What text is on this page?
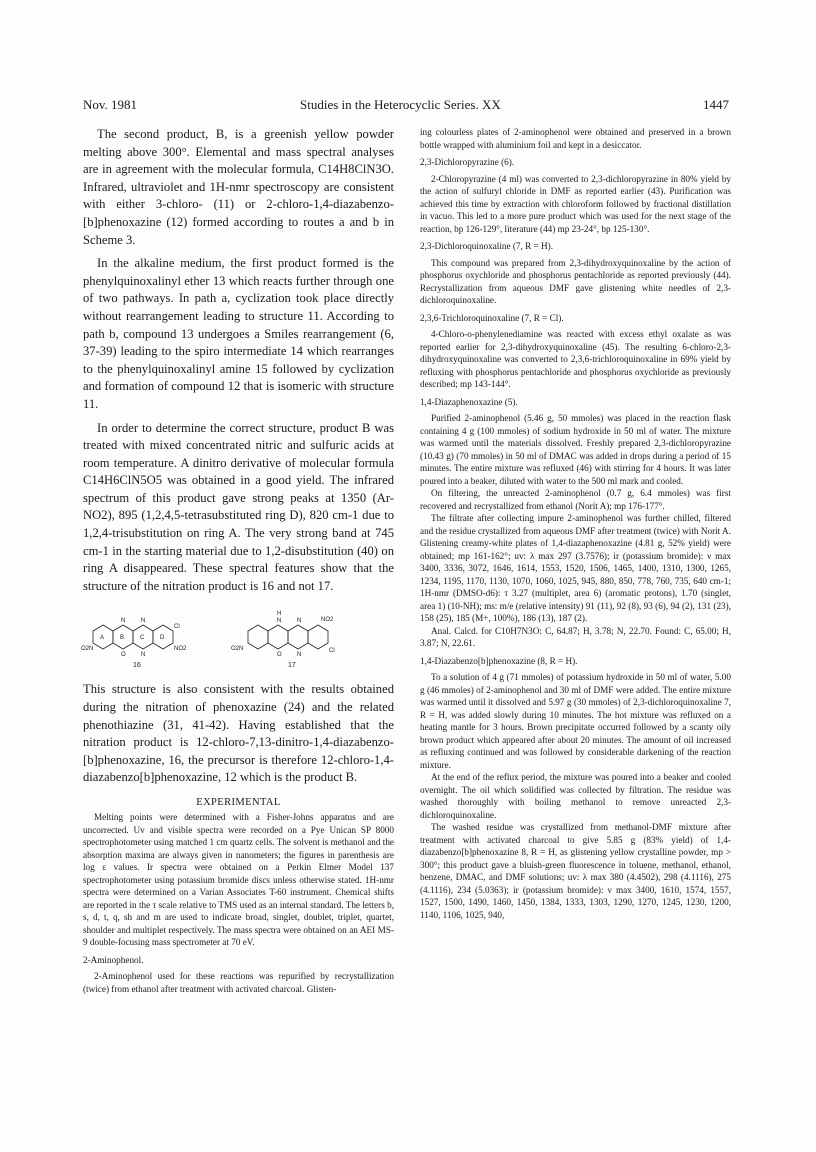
Nov. 1981	Studies in the Heterocyclic Series. XX	1447

The second product, B, is a greenish yellow powder melting above 300°. Elemental and mass spectral analyses are in agreement with the molecular formula, C14H8ClN3O. Infrared, ultraviolet and 1H-nmr spectroscopy are consistent with either 3-chloro- (11) or 2-chloro-1,4-diazabenzo-[b]phenoxazine (12) formed according to routes a and b in Scheme 3.

In the alkaline medium, the first product formed is the phenylquinoxalinyl ether 13 which reacts further through one of two pathways. In path a, cyclization took place directly without rearrangement leading to structure 11. According to path b, compound 13 undergoes a Smiles rearrangement (6, 37-39) leading to the spiro intermediate 14 which rearranges to the phenylquinoxalinyl amine 15 followed by cyclization and formation of compound 12 that is isomeric with structure 11.

In order to determine the correct structure, product B was treated with mixed concentrated nitric and sulfuric acids at room temperature. A dinitro derivative of molecular formula C14H6ClN5O5 was obtained in a good yield. The infrared spectrum of this product gave strong peaks at 1350 (Ar-NO2), 895 (1,2,4,5-tetrasubstituted ring D), 820 cm-1 due to 1,2,4-trisubstitution on ring A. The very strong band at 745 cm-1 in the starting material due to 1,2-disubstitution (40) on ring A disappeared. These spectral features show that the structure of the nitration product is 16 and not 17.

A	B	C	D
N	N
O	N
Cl
NO2
O2N
16
H
N	N
O	N
NO2
Cl
O2N
17

This structure is also consistent with the results obtained during the nitration of phenoxazine (24) and the related phenothiazine (31, 41-42). Having established that the nitration product is 12-chloro-7,13-dinitro-1,4-diazabenzo-[b]phenoxazine, 16, the precursor is therefore 12-chloro-1,4-diazabenzo[b]phenoxazine, 12 which is the product B.

EXPERIMENTAL

Melting points were determined with a Fisher-Johns apparatus and are uncorrected. Uv and visible spectra were recorded on a Pye Unican SP 8000 spectrophotometer using matched 1 cm quartz cells. The solvent is methanol and the absorption maxima are always given in nanometers; the figures in parenthesis are log ε values. Ir spectra were obtained on a Perkin Elmer Model 137 spectrophotometer using potassium bromide discs unless otherwise stated. 1H-nmr spectra were determined on a Varian Associates T-60 instrument. Chemical shifts are reported in the τ scale relative to TMS used as an internal standard. The letters b, s, d, t, q, sh and m are used to indicate broad, singlet, doublet, triplet, quartet, shoulder and multiplet respectively. The mass spectra were obtained on an AEI MS-9 double-focusing mass spectrometer at 70 eV.

2-Aminophenol.

2-Aminophenol used for these reactions was repurified by recrystallization (twice) from ethanol after treatment with activated charcoal. Glisten-

ing colourless plates of 2-aminophenol were obtained and preserved in a brown bottle wrapped with aluminium foil and kept in a desiccator.

2,3-Dichloropyrazine (6).

2-Chloropyrazine (4 ml) was converted to 2,3-dichloropyrazine in 80% yield by the action of sulfuryl chloride in DMF as reported earlier (43). Purification was achieved this time by extraction with chloroform followed by fractional distillation in vacuo. This led to a more pure product which was used for the next stage of the reaction, bp 126-129°, literature (44) mp 23-24°, bp 125-130°.

2,3-Dichloroquinoxaline (7, R = H).

This compound was prepared from 2,3-dihydroxyquinoxaline by the action of phosphorus oxychloride and phosphorus pentachloride as reported previously (44). Recrystallization from aqueous DMF gave glistening white needles of 2,3-dichloroquinoxaline.

2,3,6-Trichloroquinoxaline (7, R = Cl).

4-Chloro-o-phenylenediamine was reacted with excess ethyl oxalate as was reported earlier for 2,3-dihydroxyquinoxaline (45). The resulting 6-chloro-2,3-dihydroxyquinoxaline was converted to 2,3,6-trichloroquinoxaline in 69% yield by refluxing with phosphorus pentachloride and phosphorus oxychloride as previously described; mp 143-144°.

1,4-Diazaphenoxazine (5).

Purified 2-aminophenol (5.46 g, 50 mmoles) was placed in the reaction flask containing 4 g (100 mmoles) of sodium hydroxide in 50 ml of water. The mixture was warmed until the materials dissolved. Freshly prepared 2,3-dichloropyrazine (10.43 g) (70 mmoles) in 50 ml of DMAC was added in drops during a period of 15 minutes. The entire mixture was refluxed (46) with stirring for 4 hours. It was later poured into a beaker, diluted with water to the 500 ml mark and cooled.

On filtering, the unreacted 2-aminophenol (0.7 g, 6.4 mmoles) was first recovered and recrystallized from ethanol (Norit A); mp 176-177°.

The filtrate after collecting impure 2-aminophenol was further chilled, filtered and the residue crystallized from aqueous DMF after treatment (twice) with Norit A. Glistening creamy-white plates of 1,4-diazaphenoxazine (4.81 g, 52% yield) were obtained; mp 161-162°; uv: λ max 297 (3.7576); ir (potassium bromide): ν max 3400, 3336, 3072, 1646, 1614, 1553, 1520, 1506, 1465, 1400, 1310, 1300, 1265, 1234, 1195, 1170, 1130, 1070, 1060, 1025, 945, 880, 850, 778, 760, 735, 640 cm-1; 1H-nmr (DMSO-d6): τ 3.27 (multiplet, area 6) (aromatic protons), 1.70 (singlet, area 1) (10-NH); ms: m/e (relative intensity) 91 (11), 92 (8), 93 (6), 94 (2), 131 (23), 158 (25), 185 (M+, 100%), 186 (13), 187 (2).

Anal. Calcd. for C10H7N3O: C, 64.87; H, 3.78; N, 22.70. Found: C, 65.00; H, 3.87; N, 22.61.

1,4-Diazabenzo[b]phenoxazine (8, R = H).

To a solution of 4 g (71 mmoles) of potassium hydroxide in 50 ml of water, 5.00 g (46 mmoles) of 2-aminophenol and 30 ml of DMF were added. The entire mixture was warmed until it dissolved and 5.97 g (30 mmoles) of 2,3-dichloroquinoxaline 7, R = H, was added slowly during 10 minutes. The hot mixture was refluxed on a heating mantle for 3 hours. Brown precipitate occurred followed by a scanty oily brown product which appeared after about 20 minutes. The amount of oil increased as refluxing continued and was followed by considerable darkening of the reaction mixture.

At the end of the reflux period, the mixture was poured into a beaker and cooled overnight. The oil which solidified was collected by filtration. The residue was washed thoroughly with boiling methanol to remove unreacted 2,3-dichloroquinoxaline.

The washed residue was crystallized from methanol-DMF mixture after treatment with activated charcoal to give 5.85 g (83% yield) of 1,4-diazabenzo[b]phenoxazine 8, R = H, as glistening yellow crystalline powder, mp > 300°; this product gave a bluish-green fluorescence in toluene, methanol, ethanol, benzene, DMAC, and DMF solutions; uv: λ max 380 (4.4502), 298 (4.1116), 275 (4.1116), 234 (5.0363); ir (potassium bromide): ν max 3400, 1610, 1574, 1557, 1527, 1500, 1490, 1460, 1450, 1384, 1333, 1303, 1290, 1270, 1245, 1230, 1200, 1140, 1106, 1025, 940,
